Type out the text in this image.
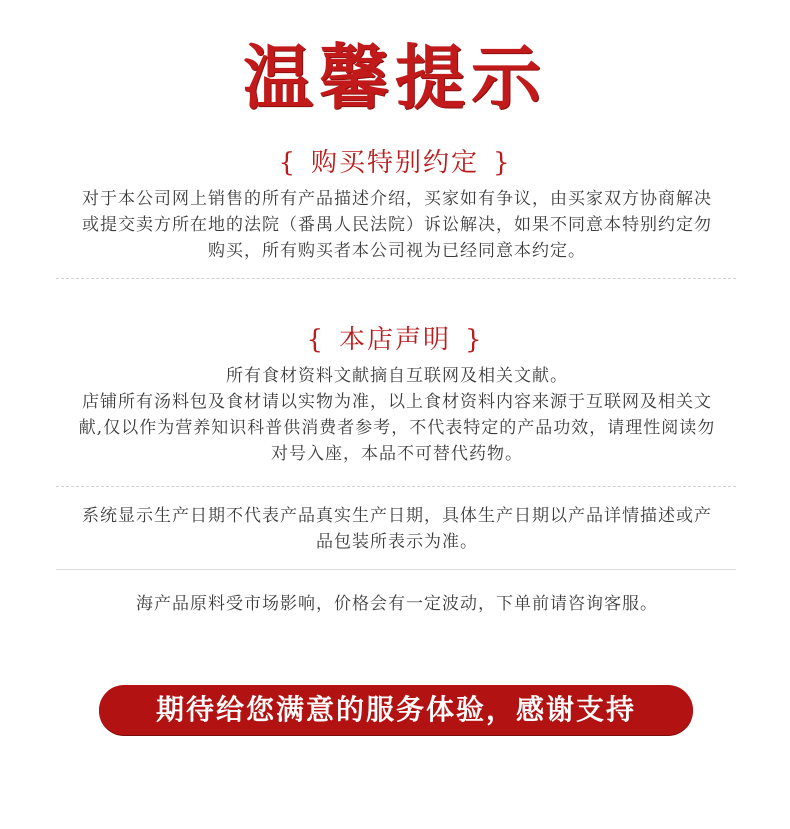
温馨提示
{ 购买特别约定 }
对于本公司网上销售的所有产品描述介绍，买家如有争议，由买家双方协商解决
或提交卖方所在地的法院（番禺人民法院）诉讼解决，如果不同意本特别约定勿
购买，所有购买者本公司视为已经同意本约定。
{ 本店声明 }
所有食材资料文献摘自互联网及相关文献。
店铺所有汤料包及食材请以实物为准，以上食材资料内容来源于互联网及相关文
献,仅以作为营养知识科普供消费者参考，不代表特定的产品功效，请理性阅读勿
对号入座，本品不可替代药物。
系统显示生产日期不代表产品真实生产日期，具体生产日期以产品详情描述或产
品包装所表示为准。
海产品原料受市场影响，价格会有一定波动，下单前请咨询客服。
期待给您满意的服务体验，感谢支持
